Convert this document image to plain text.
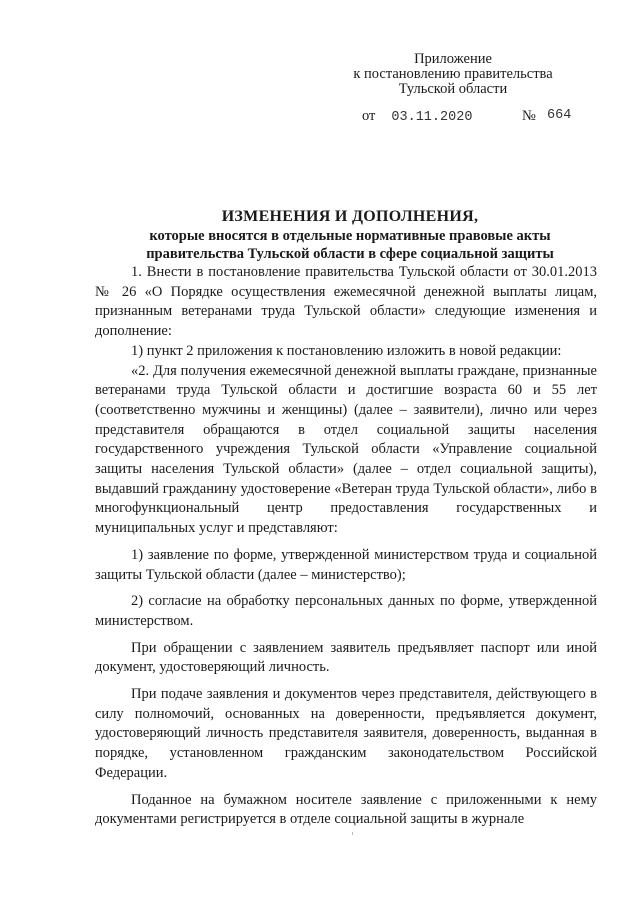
Приложение
к постановлению правительства
Тульской области
от 03.11.2020	№ 664
ИЗМЕНЕНИЯ И ДОПОЛНЕНИЯ,
которые вносятся в отдельные нормативные правовые акты
правительства Тульской области в сфере социальной защиты

1. Внести в постановление правительства Тульской области от 30.01.2013 № 26 «О Порядке осуществления ежемесячной денежной выплаты лицам, признанным ветеранами труда Тульской области» следующие изменения и дополнение:

1) пункт 2 приложения к постановлению изложить в новой редакции:

«2. Для получения ежемесячной денежной выплаты граждане, признанные ветеранами труда Тульской области и достигшие возраста 60 и 55 лет (соответственно мужчины и женщины) (далее – заявители), лично или через представителя обращаются в отдел социальной защиты населения государственного учреждения Тульской области «Управление социальной защиты населения Тульской области» (далее – отдел социальной защиты), выдавший гражданину удостоверение «Ветеран труда Тульской области», либо в многофункциональный центр предоставления государственных и муниципальных услуг и представляют:

1) заявление по форме, утвержденной министерством труда и социальной защиты Тульской области (далее – министерство);

2) согласие на обработку персональных данных по форме, утвержденной министерством.

При обращении с заявлением заявитель предъявляет паспорт или иной документ, удостоверяющий личность.

При подаче заявления и документов через представителя, действующего в силу полномочий, основанных на доверенности, предъявляется документ, удостоверяющий личность представителя заявителя, доверенность, выданная в порядке, установленном гражданским законодательством Российской Федерации.

Поданное на бумажном носителе заявление с приложенными к нему документами регистрируется в отделе социальной защиты в журнале
